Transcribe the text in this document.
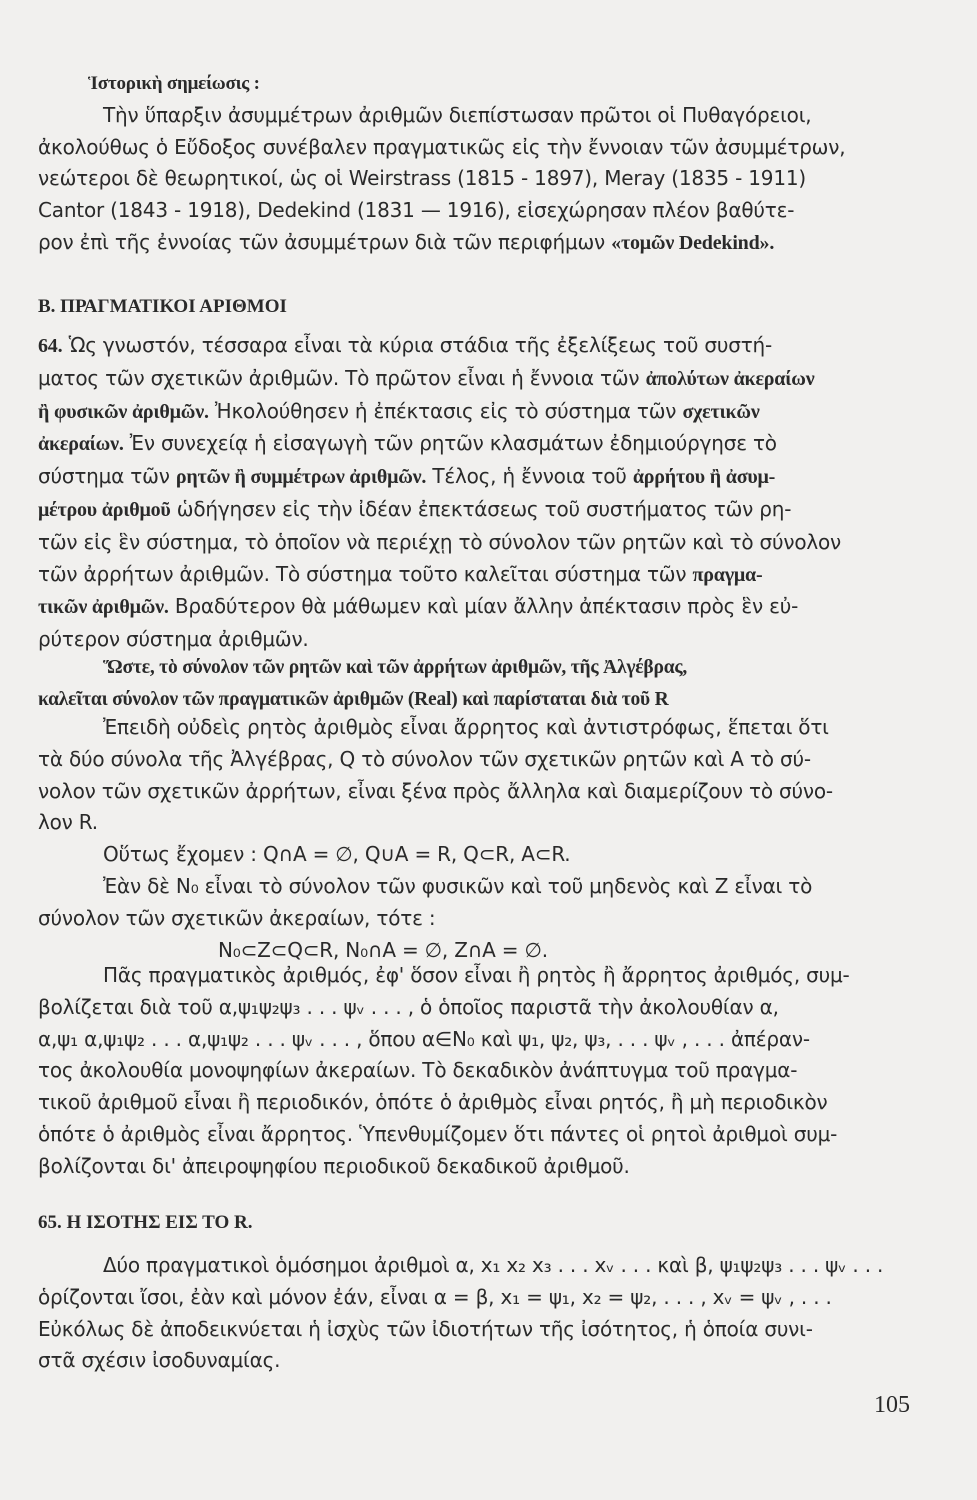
Ἱστορικὴ σημείωσις :
Τὴν ὕπαρξιν ἀσυμμέτρων ἀριθμῶν διεπίστωσαν πρῶτοι οἱ Πυθαγόρειοι,
ἀκολούθως ὁ Εὔδοξος συνέβαλεν πραγματικῶς εἰς τὴν ἔννοιαν τῶν ἀσυμμέτρων,
νεώτεροι δὲ θεωρητικοί, ὡς οἱ Weirstrass (1815 - 1897), Meray (1835 - 1911)
Cantor (1843 - 1918), Dedekind (1831 — 1916), εἰσεχώρησαν πλέον βαθύτε-
ρον ἐπὶ τῆς ἐννοίας τῶν ἀσυμμέτρων διὰ τῶν περιφήμων «τομῶν Dedekind».
Β. ΠΡΑΓΜΑΤΙΚΟΙ ΑΡΙΘΜΟΙ
64. Ὡς γνωστόν, τέσσαρα εἶναι τὰ κύρια στάδια τῆς ἐξελίξεως τοῦ συστή-
ματος τῶν σχετικῶν ἀριθμῶν. Τὸ πρῶτον εἶναι ἡ ἔννοια τῶν ἀπολύτων ἀκεραίων
ἢ φυσικῶν ἀριθμῶν. Ἠκολούθησεν ἡ ἐπέκτασις εἰς τὸ σύστημα τῶν σχετικῶν
ἀκεραίων. Ἐν συνεχείᾳ ἡ εἰσαγωγὴ τῶν ρητῶν κλασμάτων ἐδημιούργησε τὸ
σύστημα τῶν ρητῶν ἢ συμμέτρων ἀριθμῶν. Τέλος, ἡ ἔννοια τοῦ ἀρρήτου ἢ ἀσυμ-
μέτρου ἀριθμοῦ ὡδήγησεν εἰς τὴν ἰδέαν ἐπεκτάσεως τοῦ συστήματος τῶν ρη-
τῶν εἰς ἓν σύστημα, τὸ ὁποῖον νὰ περιέχῃ τὸ σύνολον τῶν ρητῶν καὶ τὸ σύνολον
τῶν ἀρρήτων ἀριθμῶν. Τὸ σύστημα τοῦτο καλεῖται σύστημα τῶν πραγμα-
τικῶν ἀριθμῶν. Βραδύτερον θὰ μάθωμεν καὶ μίαν ἄλλην ἀπέκτασιν πρὸς ἓν εὐ-
ρύτερον σύστημα ἀριθμῶν.
Ὥστε, τὸ σύνολον τῶν ρητῶν καὶ τῶν ἀρρήτων ἀριθμῶν, τῆς Ἀλγέβρας,
καλεῖται σύνολον τῶν πραγματικῶν ἀριθμῶν (Real) καὶ παρίσταται διὰ τοῦ R
Ἐπειδὴ οὐδεὶς ρητὸς ἀριθμὸς εἶναι ἄρρητος καὶ ἀντιστρόφως, ἕπεται ὅτι
τὰ δύο σύνολα τῆς Ἀλγέβρας, Q τὸ σύνολον τῶν σχετικῶν ρητῶν καὶ Α τὸ σύ-
νολον τῶν σχετικῶν ἀρρήτων, εἶναι ξένα πρὸς ἄλληλα καὶ διαμερίζουν τὸ σύνο-
λον R.
Οὕτως ἔχομεν : Q∩A = ∅, Q∪A = R, Q⊂R, A⊂R.
Ἐὰν δὲ N₀ εἶναι τὸ σύνολον τῶν φυσικῶν καὶ τοῦ μηδενὸς καὶ Z εἶναι τὸ
σύνολον τῶν σχετικῶν ἀκεραίων, τότε :
N₀⊂Z⊂Q⊂R, N₀∩A = ∅, Z∩A = ∅.
Πᾶς πραγματικὸς ἀριθμός, ἐφ' ὅσον εἶναι ἢ ρητὸς ἢ ἄρρητος ἀριθμός, συμ-
βολίζεται διὰ τοῦ α,ψ₁ψ₂ψ₃ . . . ψᵥ . . . , ὁ ὁποῖος παριστᾶ τὴν ἀκολουθίαν α,
α,ψ₁ α,ψ₁ψ₂ . . . α,ψ₁ψ₂ . . . ψᵥ . . . , ὅπου α∈N₀ καὶ ψ₁, ψ₂, ψ₃, . . . ψᵥ , . . . ἀπέραν-
τος ἀκολουθία μονοψηφίων ἀκεραίων. Τὸ δεκαδικὸν ἀνάπτυγμα τοῦ πραγμα-
τικοῦ ἀριθμοῦ εἶναι ἢ περιοδικόν, ὁπότε ὁ ἀριθμὸς εἶναι ρητός, ἢ μὴ περιοδικὸν
ὁπότε ὁ ἀριθμὸς εἶναι ἄρρητος. Ὑπενθυμίζομεν ὅτι πάντες οἱ ρητοὶ ἀριθμοὶ συμ-
βολίζονται δι' ἀπειροψηφίου περιοδικοῦ δεκαδικοῦ ἀριθμοῦ.
65. Η ΙΣΟΤΗΣ ΕΙΣ ΤΟ R.
Δύο πραγματικοὶ ὁμόσημοι ἀριθμοὶ α, x₁ x₂ x₃ . . . xᵥ . . . καὶ β, ψ₁ψ₂ψ₃ . . . ψᵥ . . .
ὁρίζονται ἴσοι, ἐὰν καὶ μόνον ἐάν, εἶναι α = β, x₁ = ψ₁, x₂ = ψ₂, . . . , xᵥ = ψᵥ , . . .
Εὐκόλως δὲ ἀποδεικνύεται ἡ ἰσχὺς τῶν ἰδιοτήτων τῆς ἰσότητος, ἡ ὁποία συνι-
στᾶ σχέσιν ἰσοδυναμίας.
105
